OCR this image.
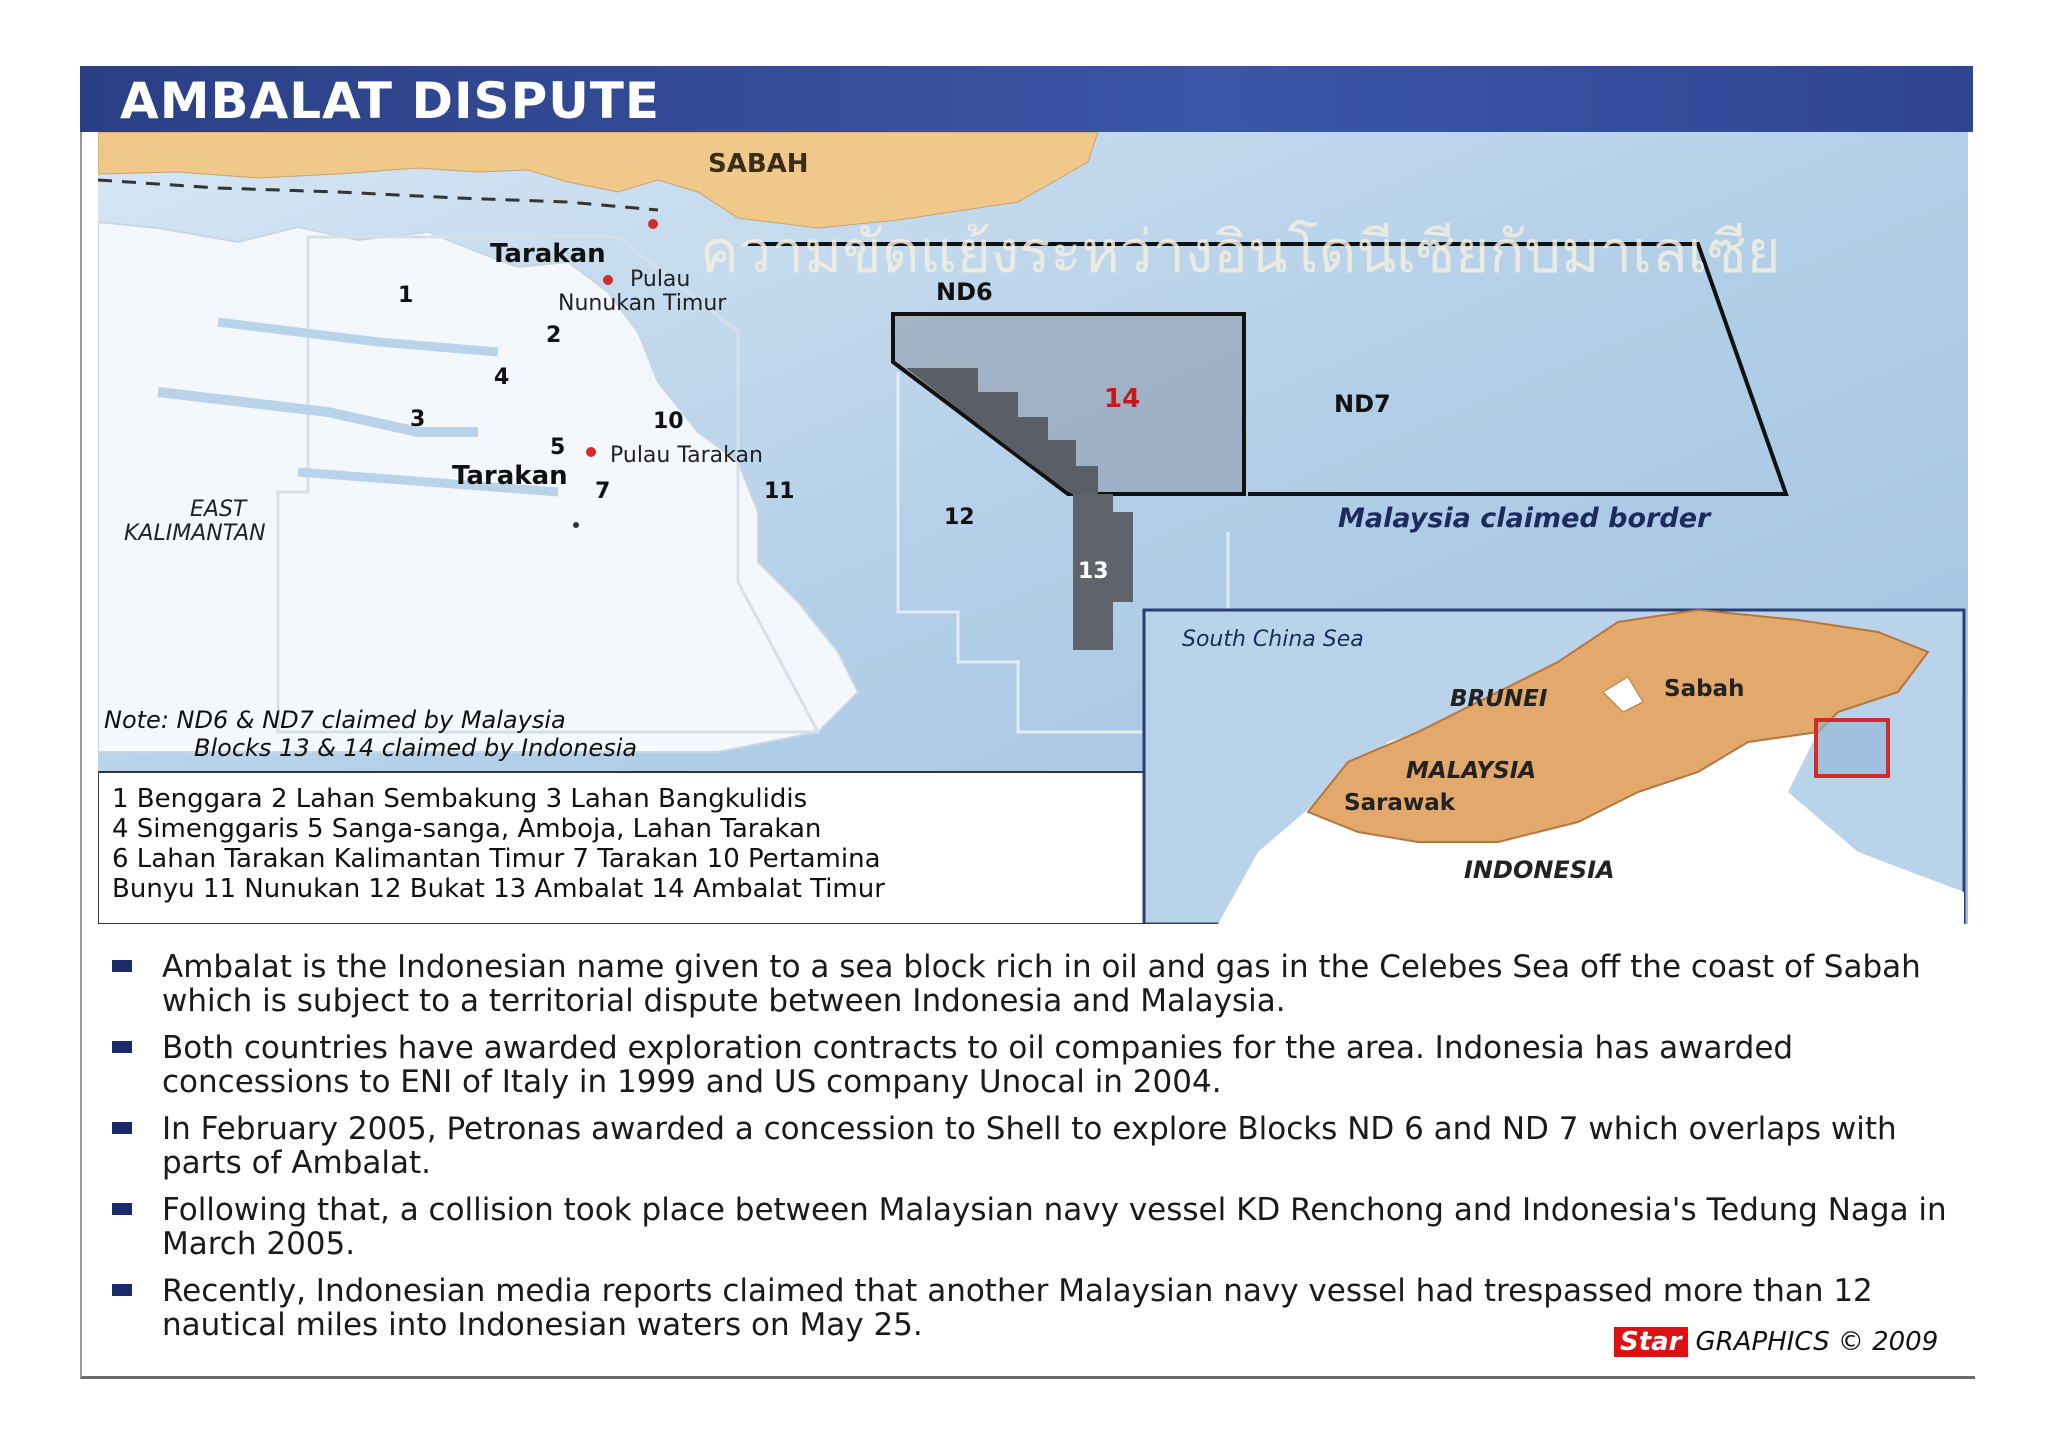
AMBALAT DISPUTE
SABAH
Tarakan
Pulau
Nunukan Timur	ND6
ND7
14
1
2
3
4
5
7
10
11
12
13
Pulau Tarakan
Tarakan
EAST
KALIMANTAN	Malaysia claimed border
Note: ND6 & ND7 claimed by Malaysia
Blocks 13 & 14 claimed by Indonesia
South China Sea
BRUNEI	Sabah
MALAYSIA
Sarawak
INDONESIA
ความขัดแย้งระหว่างอินโดนีเซียกับมาเลเซีย
1 Benggara 2 Lahan Sembakung 3 Lahan Bangkulidis
4 Simenggaris 5 Sanga-sanga, Amboja, Lahan Tarakan
6 Lahan Tarakan Kalimantan Timur 7 Tarakan 10 Pertamina
Bunyu 11 Nunukan 12 Bukat 13 Ambalat 14 Ambalat Timur
Ambalat is the Indonesian name given to a sea block rich in oil and gas in the Celebes Sea off the coast of Sabah which is subject to a territorial dispute between Indonesia and Malaysia.
Both countries have awarded exploration contracts to oil companies for the area. Indonesia has awarded concessions to ENI of Italy in 1999 and US company Unocal in 2004.
In February 2005, Petronas awarded a concession to Shell to explore Blocks ND 6 and ND 7 which overlaps with parts of Ambalat.
Following that, a collision took place between Malaysian navy vessel KD Renchong and Indonesia's Tedung Naga in March 2005.
Recently, Indonesian media reports claimed that another Malaysian navy vessel had trespassed more than 12 nautical miles into Indonesian waters on May 25.	Star GRAPHICS © 2009
